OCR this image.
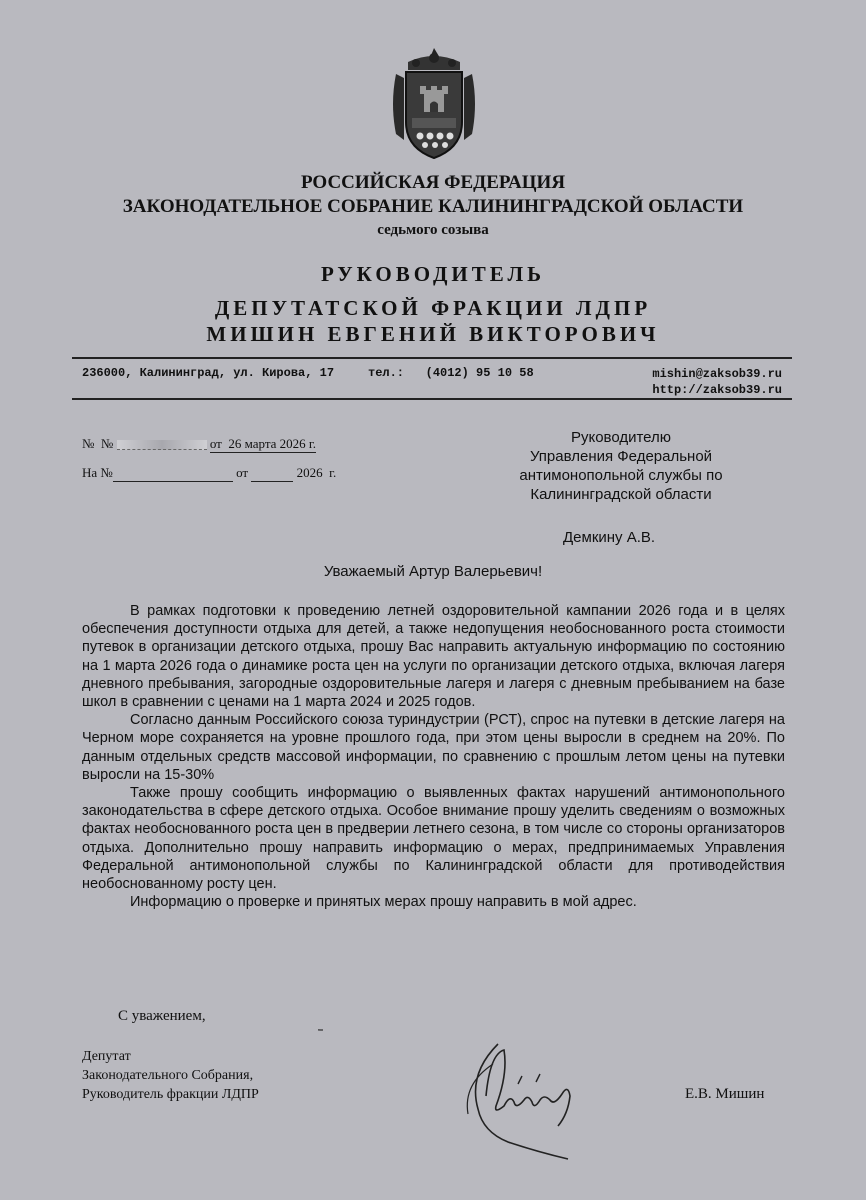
РОССИЙСКАЯ ФЕДЕРАЦИЯ
ЗАКОНОДАТЕЛЬНОЕ СОБРАНИЕ КАЛИНИНГРАДСКОЙ ОБЛАСТИ
седьмого созыва
РУКОВОДИТЕЛЬ
ДЕПУТАТСКОЙ ФРАКЦИИ ЛДПР
МИШИН ЕВГЕНИЙ ВИКТОРОВИЧ
236000, Калининград, ул. Кирова, 17	тел.: (4012) 95 10 58	mishin@zaksob39.ru
http://zaksob39.ru
№ №	от 26 марта 2026 г.
На №	от	2026 г.
Руководителю
Управления Федеральной
антимонопольной службы по
Калининградской области
Демкину А.В.
Уважаемый Артур Валерьевич!

В рамках подготовки к проведению летней оздоровительной кампании 2026 года и в целях обеспечения доступности отдыха для детей, а также недопущения необоснованного роста стоимости путевок в организации детского отдыха, прошу Вас направить актуальную информацию по состоянию на 1 марта 2026 года о динамике роста цен на услуги по организации детского отдыха, включая лагеря дневного пребывания, загородные оздоровительные лагеря и лагеря с дневным пребыванием на базе школ в сравнении с ценами на 1 марта 2024 и 2025 годов.

Согласно данным Российского союза туриндустрии (РСТ), спрос на путевки в детские лагеря на Черном море сохраняется на уровне прошлого года, при этом цены выросли в среднем на 20%. По данным отдельных средств массовой информации, по сравнению с прошлым летом цены на путевки выросли на 15-30%

Также прошу сообщить информацию о выявленных фактах нарушений антимонопольного законодательства в сфере детского отдыха. Особое внимание прошу уделить сведениям о возможных фактах необоснованного роста цен в предверии летнего сезона, в том числе со стороны организаторов отдыха. Дополнительно прошу направить информацию о мерах, предпринимаемых Управления Федеральной антимонопольной службы по Калининградской области для противодействия необоснованному росту цен.

Информацию о проверке и принятых мерах прошу направить в мой адрес.

С уважением,
Депутат
Законодательного Собрания,
Руководитель фракции ЛДПР	Е.В. Мишин
